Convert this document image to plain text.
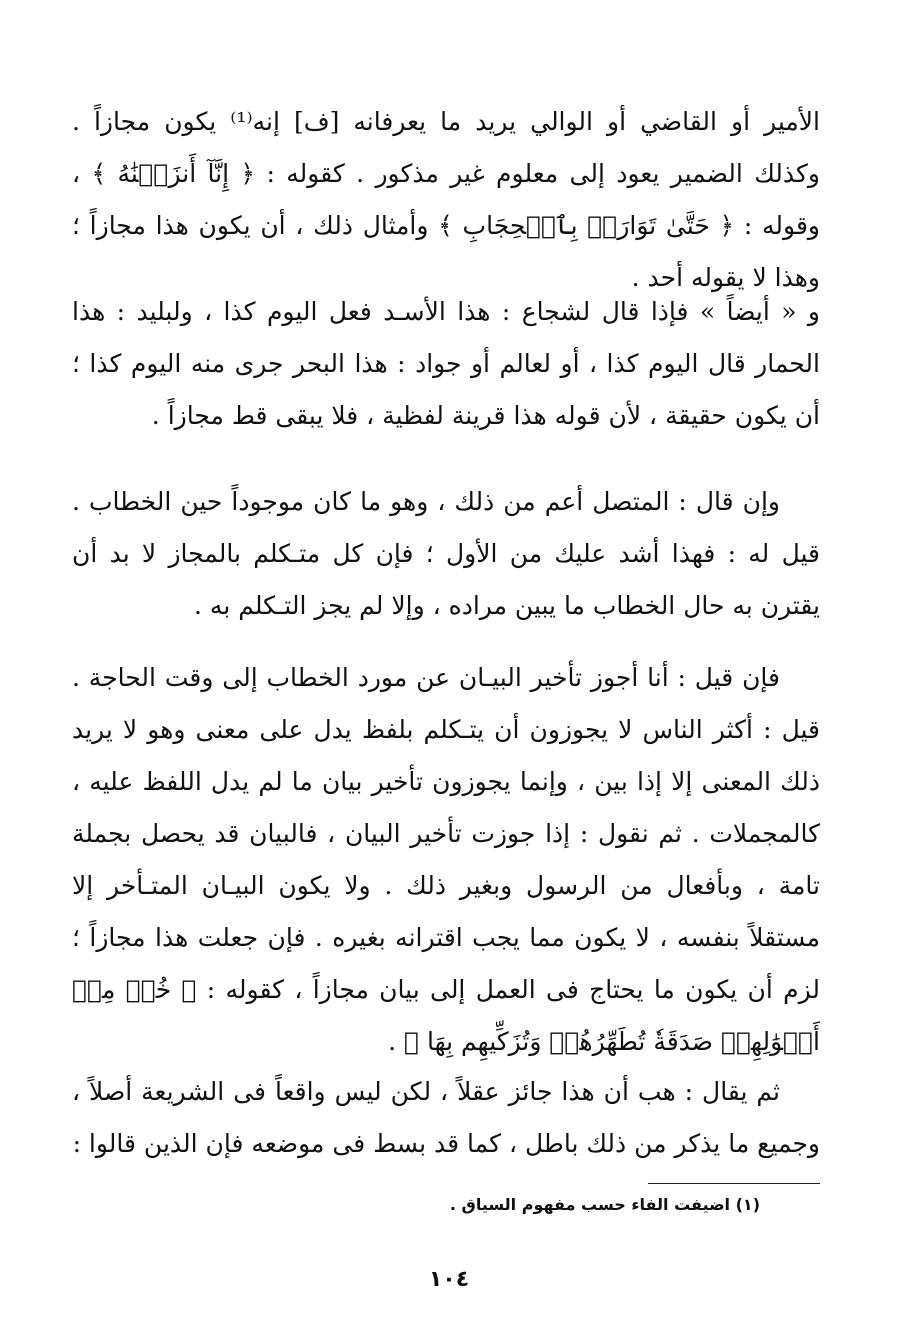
الأمير أو القاضي أو الوالي يريد ما يعرفانه [ف] إنه⁽¹⁾ يكون مجازاً . وكذلك الضمير يعود إلى معلوم غير مذكور . كقوله : ﴿ إِنَّآ أَنزَلۡنَٰهُ ﴾ ، وقوله : ﴿ حَتَّىٰ تَوَارَتۡ بِٱلۡحِجَابِ ﴾ وأمثال ذلك ، أن يكون هذا مجازاً ؛ وهذا لا يقوله أحد .

و « أيضاً » فإذا قال لشجاع : هذا الأسـد فعل اليوم كذا ، ولبليد : هذا الحمار قال اليوم كذا ، أو لعالم أو جواد : هذا البحر جرى منه اليوم كذا ؛ أن يكون حقيقة ، لأن قوله هذا قرينة لفظية ، فلا يبقى قط مجازاً .

وإن قال : المتصل أعم من ذلك ، وهو ما كان موجوداً حين الخطاب . قيل له : فهذا أشد عليك من الأول ؛ فإن كل متـكلم بالمجاز لا بد أن يقترن به حال الخطاب ما يبين مراده ، وإلا لم يجز التـكلم به .

فإن قيل : أنا أجوز تأخير البيـان عن مورد الخطاب إلى وقت الحاجة . قيل : أكثر الناس لا يجوزون أن يتـكلم بلفظ يدل على معنى وهو لا يريد ذلك المعنى إلا إذا بين ، وإنما يجوزون تأخير بيان ما لم يدل اللفظ عليه ، كالمجملات . ثم نقول : إذا جوزت تأخير البيان ، فالبيان قد يحصل بجملة تامة ، وبأفعال من الرسول وبغير ذلك . ولا يكون البيـان المتـأخر إلا مستقلاً بنفسه ، لا يكون مما يجب اقترانه بغيره . فإن جعلت هذا مجازاً ؛ لزم أن يكون ما يحتاج فى العمل إلى بيان مجازاً ، كقوله : ﴿ خُذۡ مِنۡ أَمۡوَٰلِهِمۡ صَدَقَةٗ تُطَهِّرُهُمۡ وَتُزَكِّيهِم بِهَا ﴾ .

ثم يقال : هب أن هذا جائز عقلاً ، لكن ليس واقعاً فى الشريعة أصلاً ، وجميع ما يذكر من ذلك باطل ، كما قد بسط فى موضعه فإن الذين قالوا :

(١) اضيفت الفاء حسب مفهوم السياق .
١٠٤
